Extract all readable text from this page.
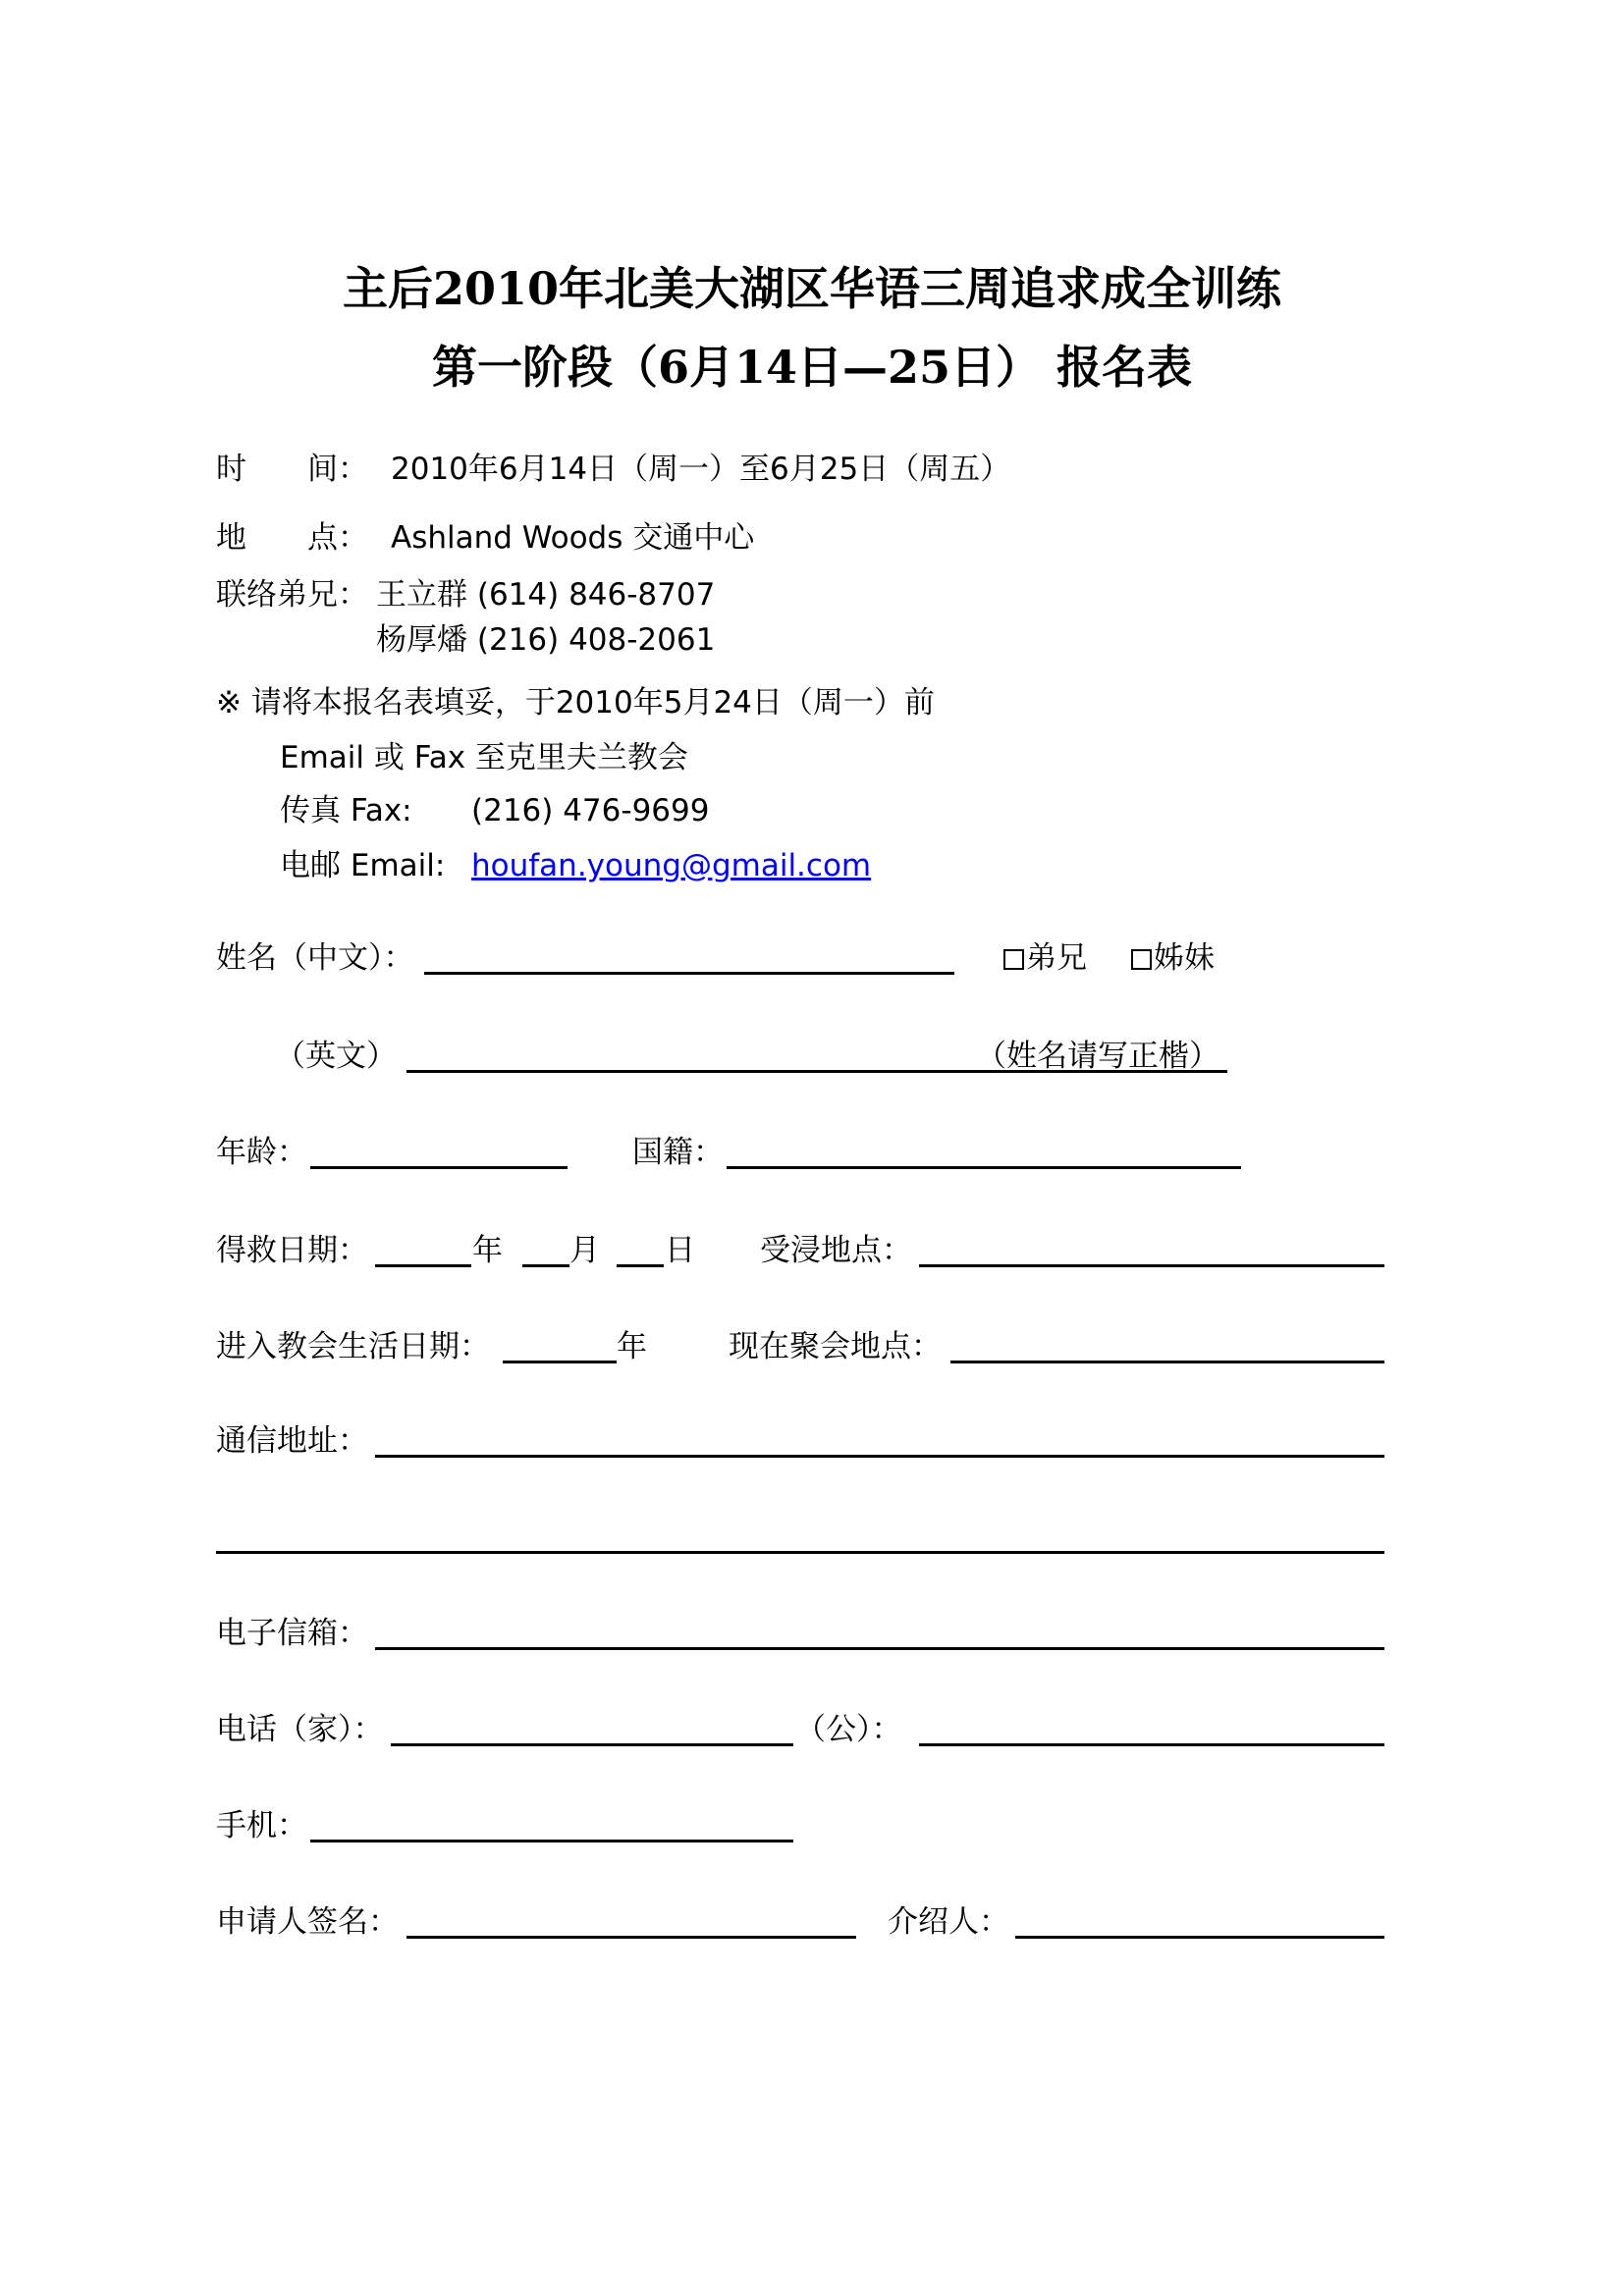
主后2010年北美大湖区华语三周追求成全训练
第一阶段（6月14日—25日） 报名表
时　　间： 2010年6月14日（周一）至6月25日（周五）
地　　点： Ashland Woods 交通中心
联络弟兄： 王立群 (614) 846-8707
杨厚燔 (216) 408-2061
※ 请将本报名表填妥，于2010年5月24日（周一）前
Email 或 Fax 至克里夫兰教会
传真 Fax: (216) 476-9699
电邮 Email: houfan.young@gmail.com
姓名（中文）：	弟兄	姊妹
（英文）	（姓名请写正楷）
年龄：	国籍：
得救日期：	年 月 日 受浸地点：
进入教会生活日期：	年	现在聚会地点：
通信地址：
电子信箱：
电话（家）：	（公）：
手机：
申请人签名：	介绍人：
